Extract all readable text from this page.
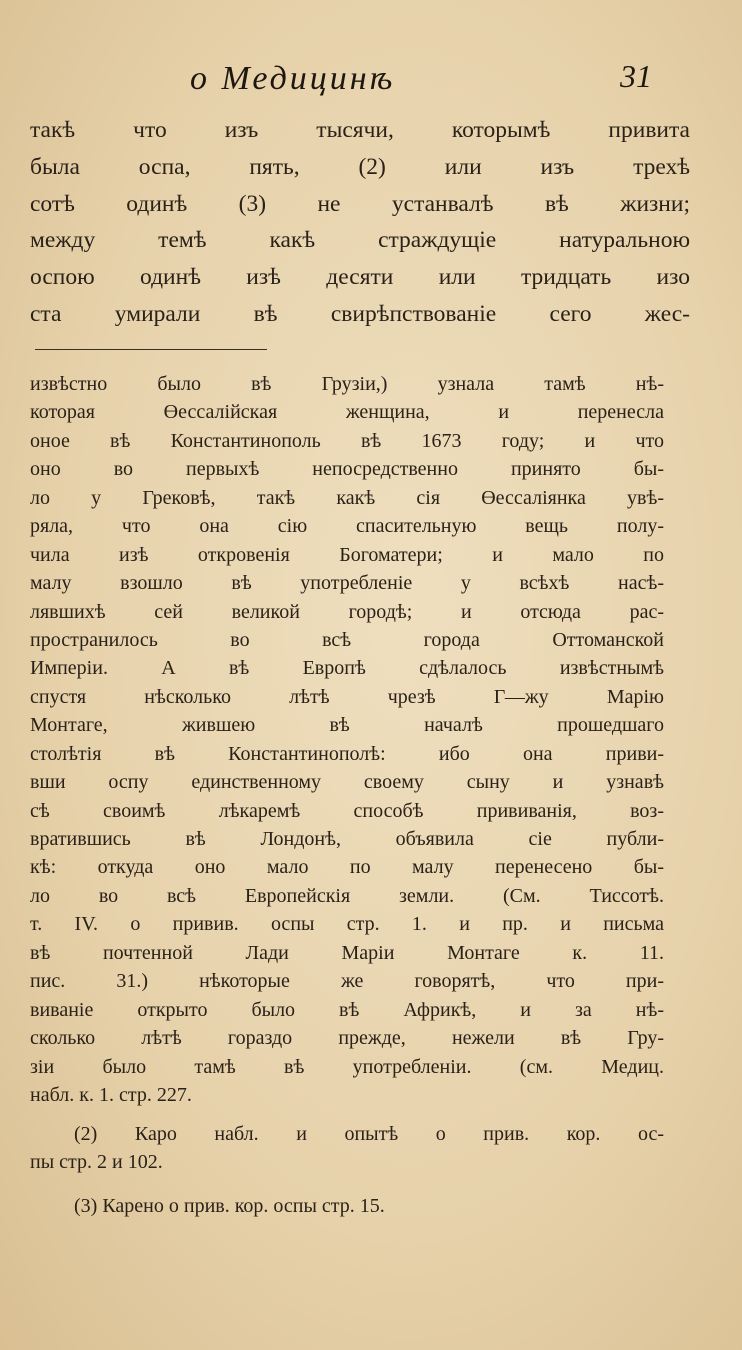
о Медицинѣ	31
такѣ что изъ тысячи, которымѣ привита
была оспа, пять, (2) или изъ трехѣ
сотѣ одинѣ (3) не устанвалѣ вѣ жизни;
между темѣ какѣ страждущіе натуральною
оспою одинѣ изѣ десяти или тридцать изо
ста умирали вѣ свирѣпствованіе сего жес-
извѣстно было вѣ Грузіи,) узнала тамѣ нѣ-
которая Өессалійская женщина, и перенесла
оное вѣ Константинополь вѣ 1673 году; и что
оно во первыхѣ непосредственно принято бы-
ло у Грековѣ, такѣ какѣ сія Өессаліянка увѣ-
ряла, что она сію спасительную вещь полу-
чила изѣ откровенія Богоматери; и мало по
малу взошло вѣ употребленіе у всѣхѣ насѣ-
лявшихѣ сей великой городѣ; и отсюда рас-
пространилось во всѣ города Оттоманской
Имперіи. А вѣ Европѣ сдѣлалось извѣстнымѣ
спустя нѣсколько лѣтѣ чрезѣ Г—жу Марію
Монтаге, жившею вѣ началѣ прошедшаго
столѣтія вѣ Константинополѣ: ибо она приви-
вши оспу единственному своему сыну и узнавѣ
сѣ своимѣ лѣкаремѣ способѣ прививанія, воз-
вратившись вѣ Лондонѣ, объявила сіе публи-
кѣ: откуда оно мало по малу перенесено бы-
ло во всѣ Европейскія земли. (См. Тиссотѣ.
т. IV. о привив. оспы стр. 1. и пр. и письма
вѣ почтенной Лади Маріи Монтаге к. 11.
пис. 31.) нѣкоторые же говорятѣ, что при-
виванiе открыто было вѣ Африкѣ, и за нѣ-
сколько лѣтѣ гораздо прежде, нежели вѣ Гру-
зіи было тамѣ вѣ употребленіи. (см. Медиц.
набл. к. 1. стр. 227.
(2) Каро набл. и опытѣ о прив. кор. ос-
пы стр. 2 и 102.
(3) Карено о прив. кор. оспы стр. 15.
